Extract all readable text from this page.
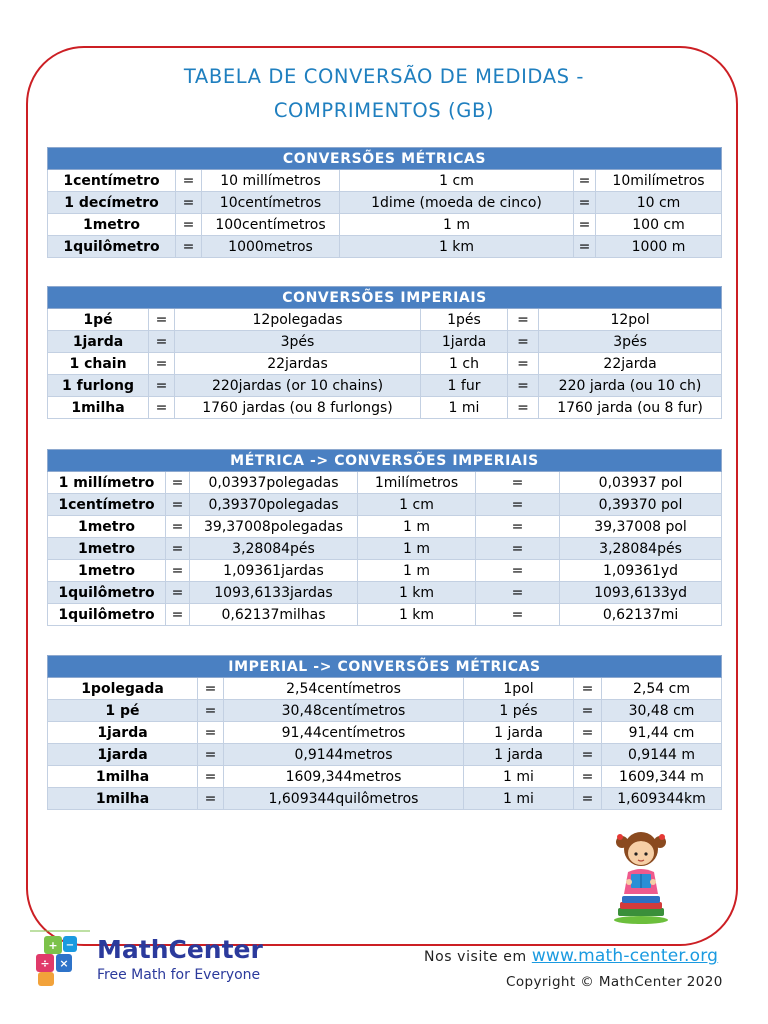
TABELA DE CONVERSÃO DE MEDIDAS -
COMPRIMENTOS (GB)
CONVERSÕES MÉTRICAS					
1centímetro	=	10 millímetros	1 cm	=	10milímetros
1 decímetro	=	10centímetros	1dime (moeda de cinco)	=	10 cm
1metro	=	100centímetros	1 m	=	100 cm
1quilômetro	=	1000metros	1 km	=	1000 m
CONVERSÕES IMPERIAIS					
1pé	=	12polegadas	1pés	=	12pol
1jarda	=	3pés	1jarda	=	3pés
1 chain	=	22jardas	1 ch	=	22jarda
1 furlong	=	220jardas (or 10 chains)	1 fur	=	220 jarda (ou 10 ch)
1milha	=	1760 jardas (ou 8 furlongs)	1 mi	=	1760 jarda (ou 8 fur)
MÉTRICA -> CONVERSÕES IMPERIAIS					
1 millímetro	=	0,03937polegadas	1milímetros	=	0,03937 pol
1centímetro	=	0,39370polegadas	1 cm	=	0,39370 pol
1metro	=	39,37008polegadas	1 m	=	39,37008 pol
1metro	=	3,28084pés	1 m	=	3,28084pés
1metro	=	1,09361jardas	1 m	=	1,09361yd
1quilômetro	=	1093,6133jardas	1 km	=	1093,6133yd
1quilômetro	=	0,62137milhas	1 km	=	0,62137mi
IMPERIAL -> CONVERSÕES MÉTRICAS					
1polegada	=	2,54centímetros	1pol	=	2,54 cm
1 pé	=	30,48centímetros	1 pés	=	30,48 cm
1jarda	=	91,44centímetros	1 jarda	=	91,44 cm
1jarda	=	0,9144metros	1 jarda	=	0,9144 m
1milha	=	1609,344metros	1 mi	=	1609,344 m
1milha	=	1,609344quilômetros	1 mi	=	1,609344km
÷ ×
+ − MathCenter
Free Math for Everyone
Nos visite em www.math-center.org
Copyright © MathCenter 2020
